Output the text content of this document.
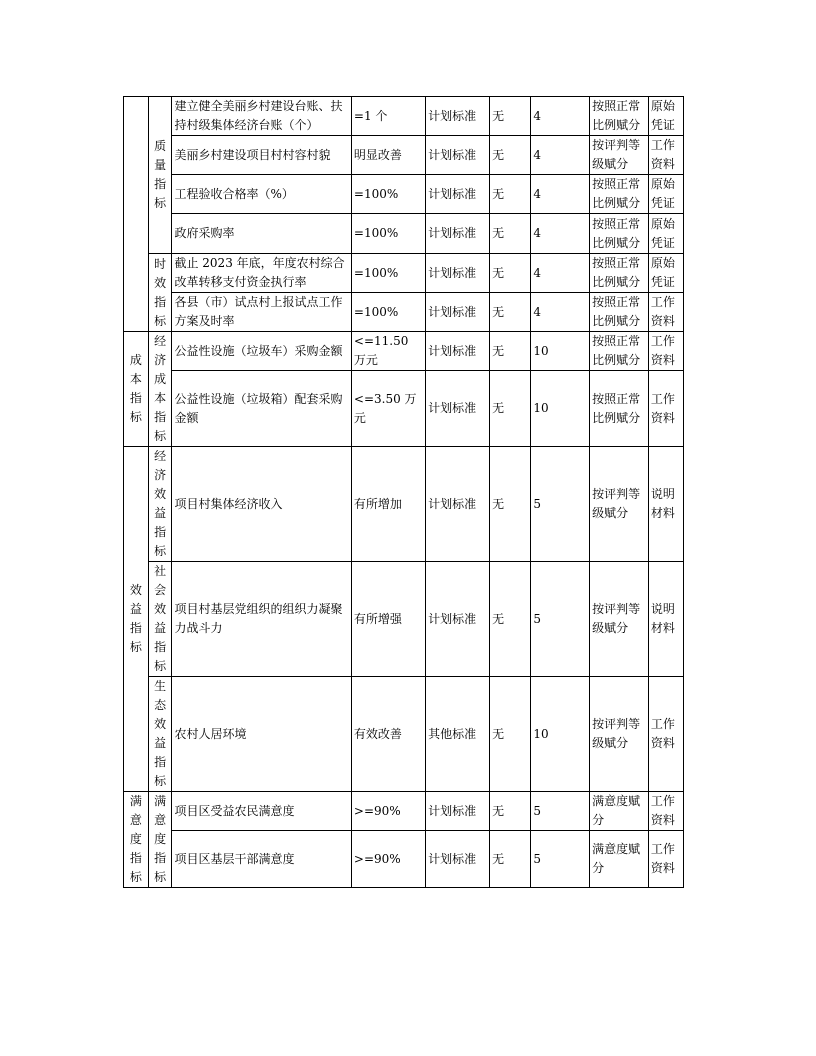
	质量指标	建立健全美丽乡村建设台账、扶持村级集体经济台账（个）	=1 个	计划标准	无	4	按照正常比例赋分	原始凭证
		美丽乡村建设项目村村容村貌	明显改善	计划标准	无	4	按评判等级赋分	工作资料
		工程验收合格率（%）	=100%	计划标准	无	4	按照正常比例赋分	原始凭证
		政府采购率	=100%	计划标准	无	4	按照正常比例赋分	原始凭证
	时效指标	截止 2023 年底，年度农村综合改革转移支付资金执行率	=100%	计划标准	无	4	按照正常比例赋分	原始凭证
		各县（市）试点村上报试点工作方案及时率	=100%	计划标准	无	4	按照正常比例赋分	工作资料
成本指标	经济成本指标	公益性设施（垃圾车）采购金额	<=11.50 万元	计划标准	无	10	按照正常比例赋分	工作资料
		公益性设施（垃圾箱）配套采购金额	<=3.50 万元	计划标准	无	10	按照正常比例赋分	工作资料
效益指标	经济效益指标	项目村集体经济收入	有所增加	计划标准	无	5	按评判等级赋分	说明材料
	社会效益指标	项目村基层党组织的组织力凝聚力战斗力	有所增强	计划标准	无	5	按评判等级赋分	说明材料
	生态效益指标	农村人居环境	有效改善	其他标准	无	10	按评判等级赋分	工作资料
满意度指标	满意度指标	项目区受益农民满意度	>=90%	计划标准	无	5	满意度赋分	工作资料
		项目区基层干部满意度	>=90%	计划标准	无	5	满意度赋分	工作资料
